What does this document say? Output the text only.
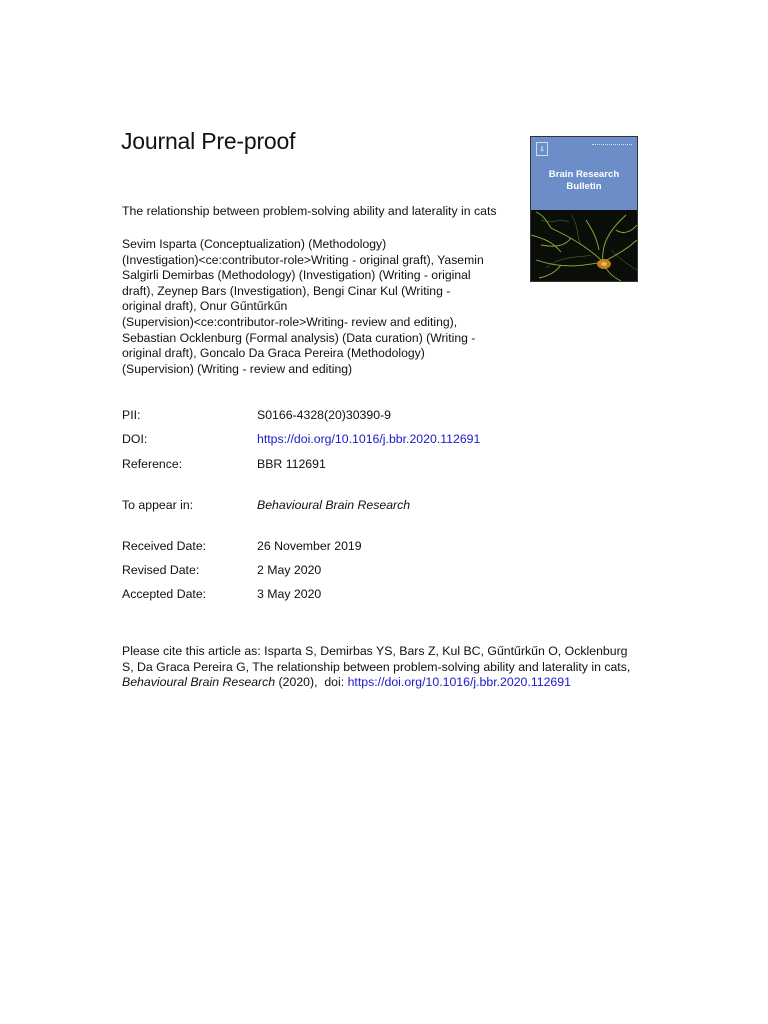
Journal Pre-proof	⍋
Brain Research
Bulletin
The relationship between problem-solving ability and laterality in cats
Sevim Isparta (Conceptualization) (Methodology)
(Investigation)<ce:contributor-role>Writing - original graft), Yasemin
Salgirli Demirbas (Methodology) (Investigation) (Writing - original
draft), Zeynep Bars (Investigation), Bengi Cinar Kul (Writing -
original draft), Onur Gűntűrkűn
(Supervision)<ce:contributor-role>Writing- review and editing),
Sebastian Ocklenburg (Formal analysis) (Data curation) (Writing -
original draft), Goncalo Da Graca Pereira (Methodology)
(Supervision) (Writing - review and editing)
PII:	S0166-4328(20)30390-9
DOI:	https://doi.org/10.1016/j.bbr.2020.112691
Reference:	BBR 112691
To appear in:	Behavioural Brain Research
Received Date:	26 November 2019
Revised Date:	2 May 2020
Accepted Date:	3 May 2020
Please cite this article as: Isparta S, Demirbas YS, Bars Z, Kul BC, Gűntűrkűn O, Ocklenburg
S, Da Graca Pereira G, The relationship between problem-solving ability and laterality in cats,
Behavioural Brain Research (2020),  doi: https://doi.org/10.1016/j.bbr.2020.112691
